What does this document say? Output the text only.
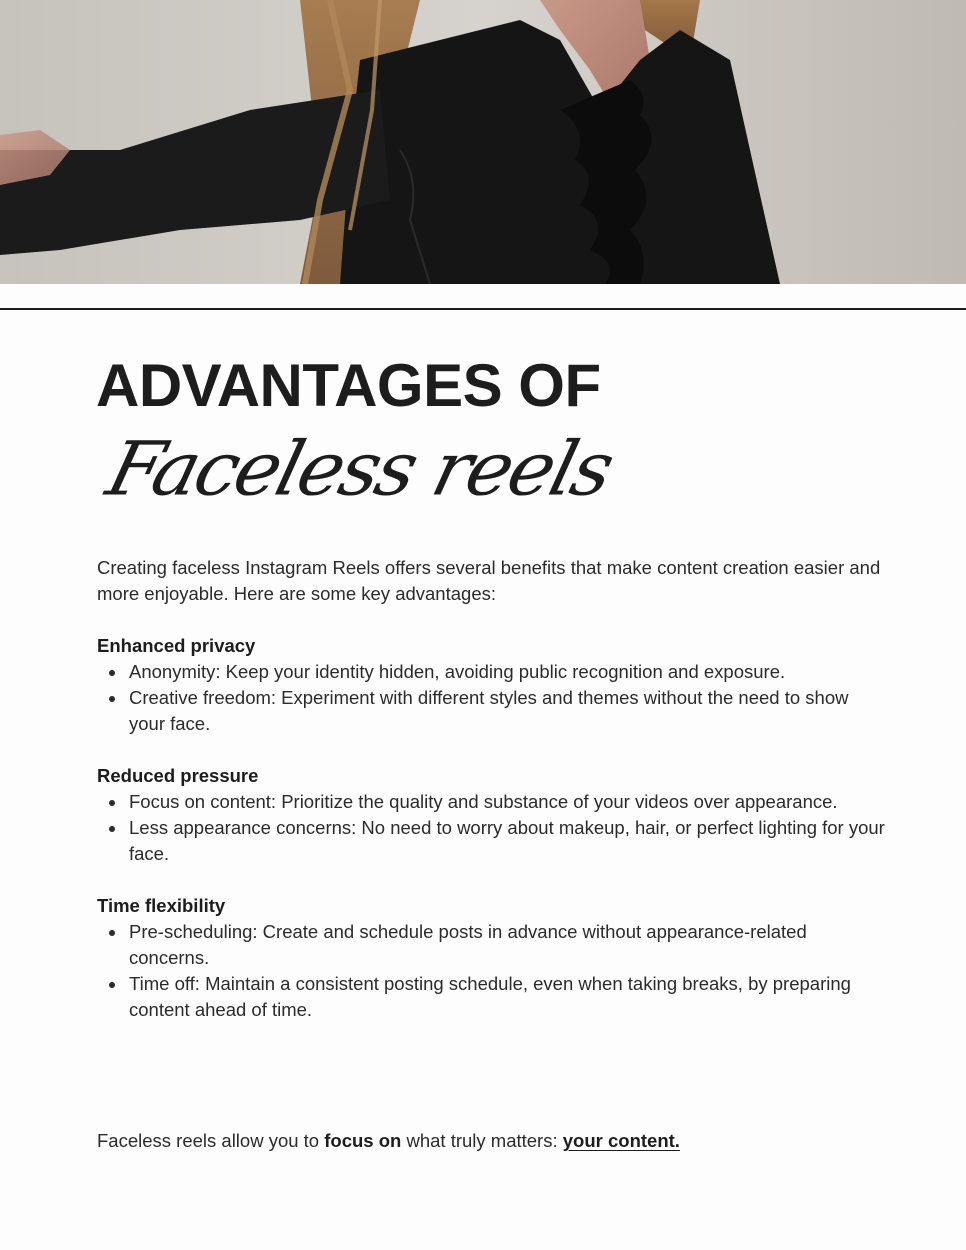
ADVANTAGES OF
Faceless reels

Creating faceless Instagram Reels offers several benefits that make content creation easier and more enjoyable. Here are some key advantages:

Enhanced privacy

Anonymity: Keep your identity hidden, avoiding public recognition and exposure.
Creative freedom: Experiment with different styles and themes without the need to show your face.

Reduced pressure

Focus on content: Prioritize the quality and substance of your videos over appearance.
Less appearance concerns: No need to worry about makeup, hair, or perfect lighting for your face.

Time flexibility

Pre-scheduling: Create and schedule posts in advance without appearance-related concerns.
Time off: Maintain a consistent posting schedule, even when taking breaks, by preparing content ahead of time.

Faceless reels allow you to focus on what truly matters: your content.
